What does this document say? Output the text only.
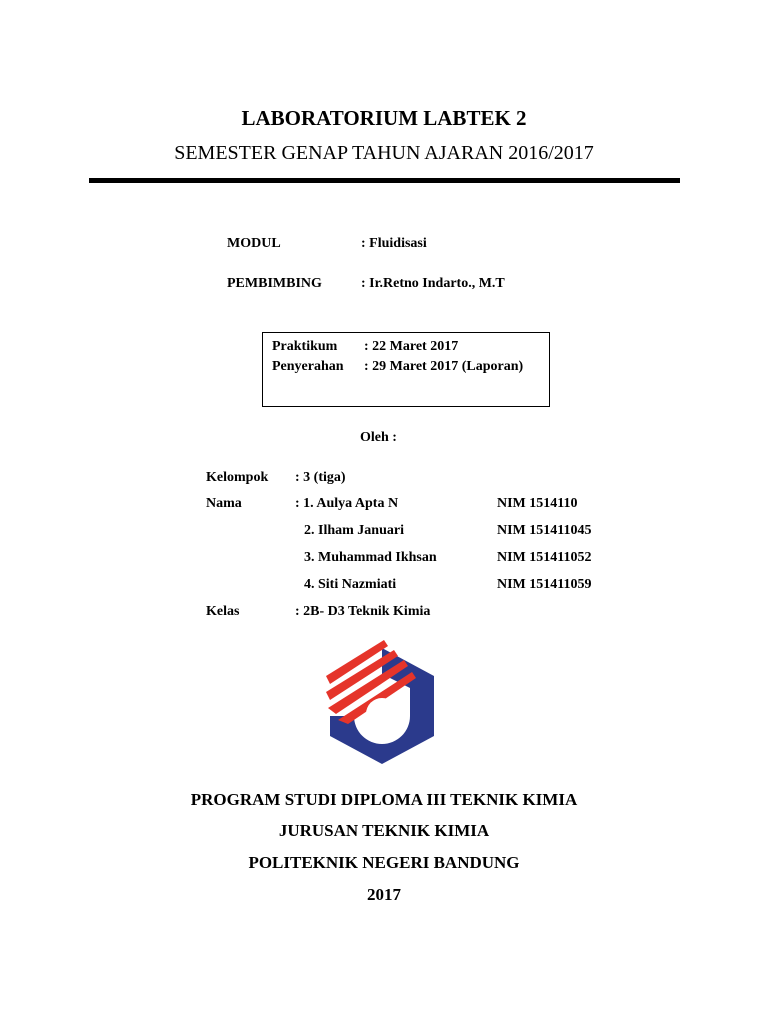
LABORATORIUM LABTEK 2
SEMESTER GENAP TAHUN AJARAN 2016/2017
MODUL	: Fluidisasi
PEMBIMBING	: Ir.Retno Indarto., M.T
Praktikum : 22 Maret 2017
Penyerahan : 29 Maret 2017 (Laporan)
Oleh :
Kelompok : 3 (tiga)
Nama	: 1. Aulya Apta N	NIM 1514110
2. Ilham Januari	NIM 151411045
3. Muhammad Ikhsan	NIM 151411052
4. Siti Nazmiati	NIM 151411059
Kelas	: 2B- D3 Teknik Kimia
PROGRAM STUDI DIPLOMA III TEKNIK KIMIA
JURUSAN TEKNIK KIMIA
POLITEKNIK NEGERI BANDUNG
2017
